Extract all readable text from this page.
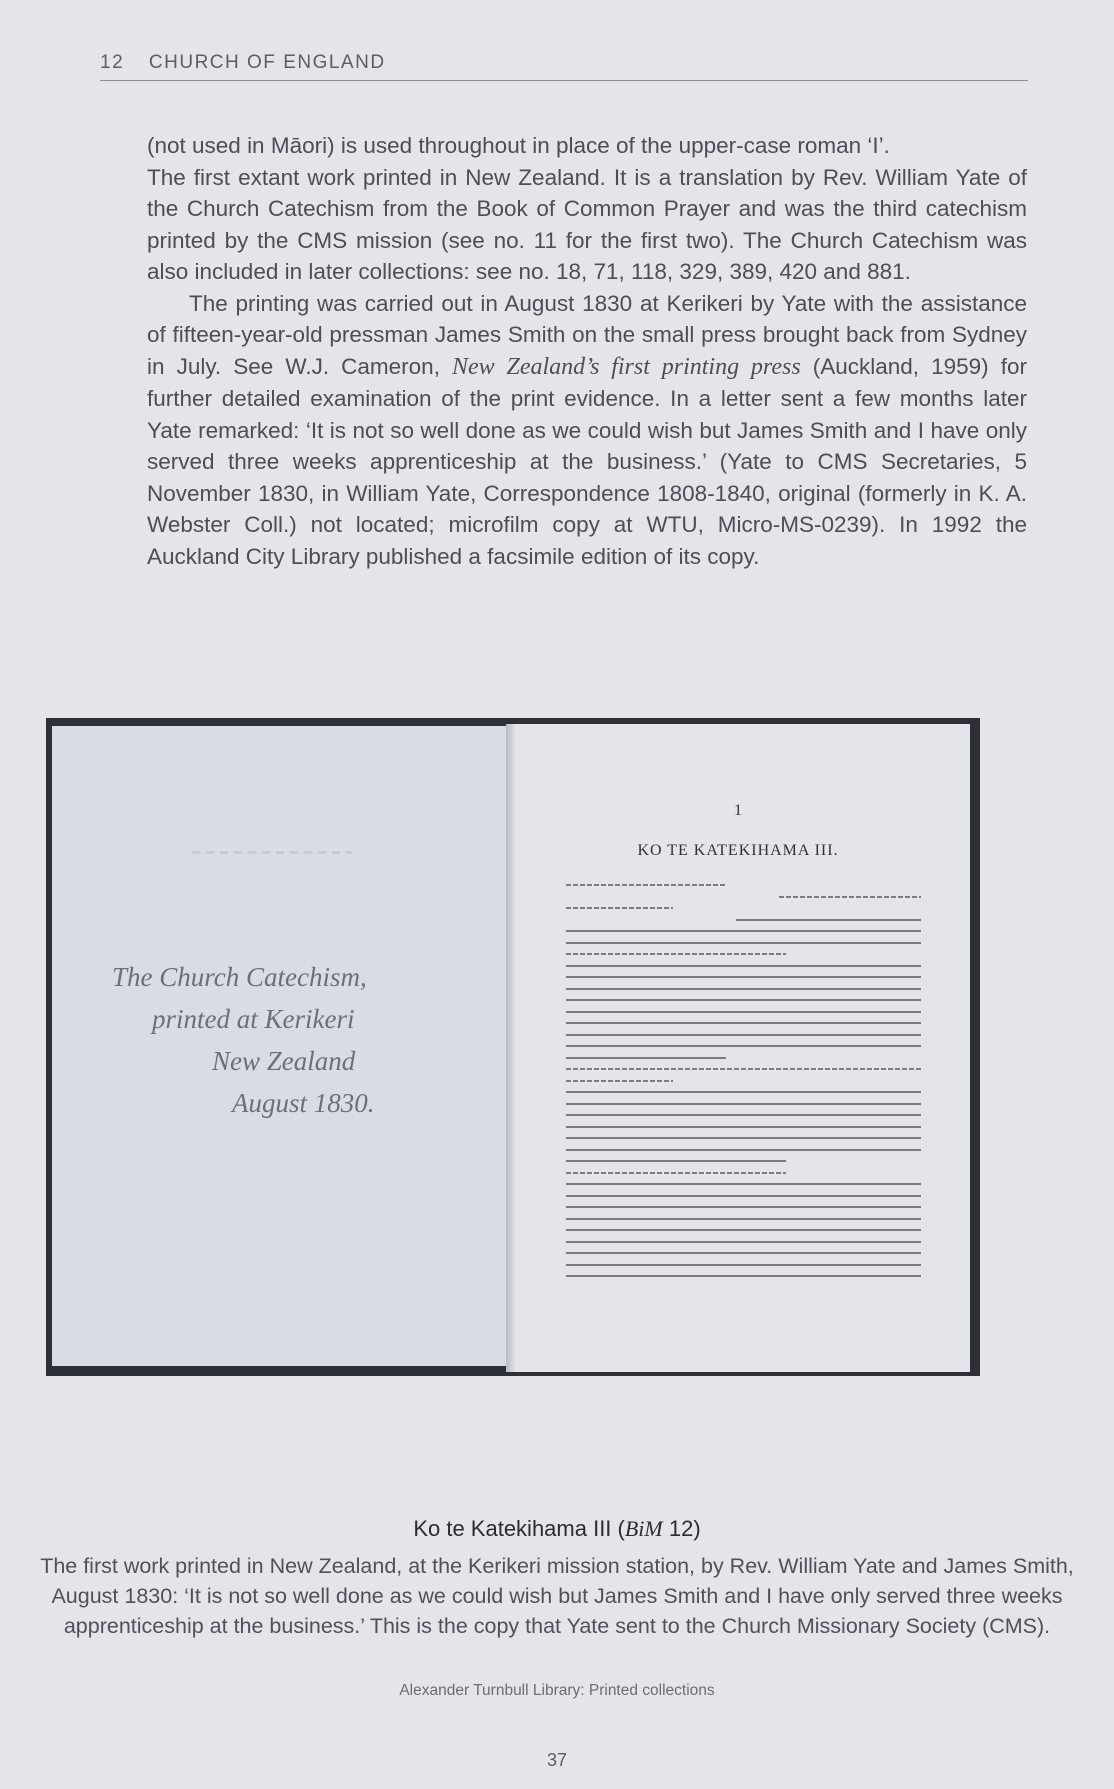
12 CHURCH OF ENGLAND

(not used in Māori) is used throughout in place of the upper-case roman ‘I’.

The first extant work printed in New Zealand. It is a translation by Rev. William Yate of the Church Catechism from the Book of Common Prayer and was the third catechism printed by the CMS mission (see no. 11 for the first two). The Church Catechism was also included in later collections: see no. 18, 71, 118, 329, 389, 420 and 881.

The printing was carried out in August 1830 at Kerikeri by Yate with the assistance of fifteen-year-old pressman James Smith on the small press brought back from Sydney in July. See W.J. Cameron, New Zealand’s first printing press (Auckland, 1959) for further detailed examination of the print evidence. In a letter sent a few months later Yate remarked: ‘It is not so well done as we could wish but James Smith and I have only served three weeks apprenticeship at the business.’ (Yate to CMS Secretaries, 5 November 1830, in William Yate, Correspondence 1808-1840, original (formerly in K. A. Webster Coll.) not located; microfilm copy at WTU, Micro-MS-0239). In 1992 the Auckland City Library published a facsimile edition of its copy.

The Church Catechism,
printed at Kerikeri
New Zealand
August 1830.
1
KO TE KATEKIHAMA III.
Ko te Katekihama III (BiM 12)
The first work printed in New Zealand, at the Kerikeri mission station, by Rev. William Yate and James Smith, August 1830: ‘It is not so well done as we could wish but James Smith and I have only served three weeks apprenticeship at the business.’ This is the copy that Yate sent to the Church Missionary Society (CMS).
Alexander Turnbull Library: Printed collections
37
